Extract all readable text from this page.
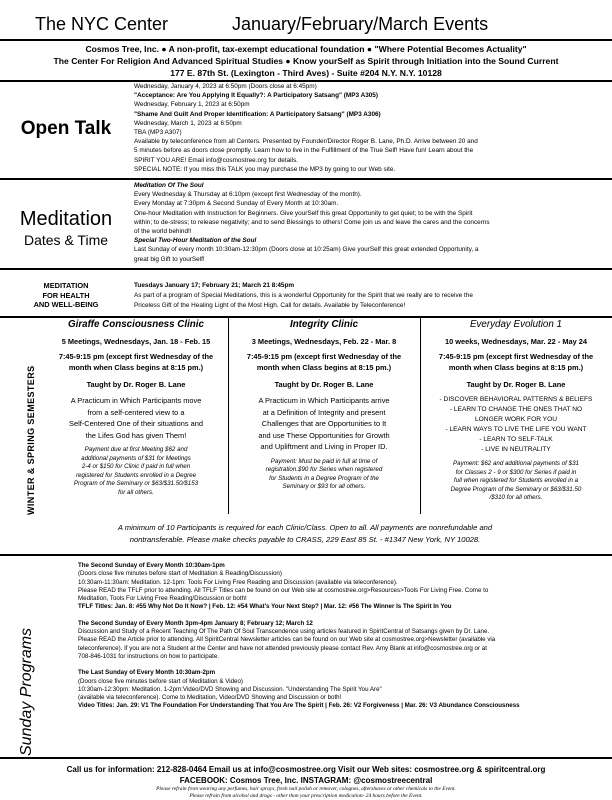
The NYC Center	January/February/March Events
Cosmos Tree, Inc. ● A non-profit, tax-exempt educational foundation ● "Where Potential Becomes Actuality"
The Center For Religion And Advanced Spiritual Studies ● Know yourSelf as Spirit through Initiation into the Sound Current
177 E. 87th St. (Lexington - Third Aves) - Suite #204 N.Y. N.Y. 10128
Open Talk
Wednesday, January 4, 2023 at 6:50pm (Doors close at 6:45pm)
"Acceptance: Are You Applying It Equally?: A Participatory Satsang" (MP3 A305)
Wednesday, February 1, 2023 at 6:50pm
"Shame And Guilt And Proper Identification: A Participatory Satsang" (MP3 A306)
Wednesday, March 1, 2023 at 6:50pm
TBA (MP3 A307)
Available by teleconference from all Centers. Presented by Founder/Director Roger B. Lane, Ph.D. Arrive between 20 and
5 minutes before as doors close promptly. Learn how to live in the Fulfillment of the True Self! Have fun! Learn about the
SPIRIT YOU ARE! Email info@cosmostree.org for details.
SPECIAL NOTE: If you miss this TALK you may purchase the MP3 by going to our Web site.
Meditation
Dates & Time
Meditation Of The Soul
Every Wednesday & Thursday at 6:10pm (except first Wednesday of the month).
Every Monday at 7:30pm & Second Sunday of Every Month at 10:30am.
One-hour Meditation with Instruction for Beginners. Give yourSelf this great Opportunity to get quiet; to be with the Spirit
within; to de-stress; to release negativity; and to send Blessings to others! Come join us and leave the cares and the concerns
of the world behind!!
Special Two-Hour Meditation of the Soul
Last Sunday of every month 10:30am-12:30pm (Doors close at 10:25am) Give yourSelf this great extended Opportunity, a
great big Gift to yourSelf!
MEDITATION
FOR HEALTH
AND WELL-BEING
Tuesdays January 17; February 21; March 21 8:45pm
As part of a program of Special Meditations, this is a wonderful Opportunity for the Spirit that we really are to receive the
Priceless Gift of the Healing Light of the Most High. Call for details. Available by Teleconference!
WINTER & SPRING SEMESTERS
Giraffe Consciousness Clinic
5 Meetings, Wednesdays, Jan. 18 - Feb. 15
7:45-9:15 pm (except first Wednesday of the
month when Class begins at 8:15 pm.)
Taught by Dr. Roger B. Lane
A Practicum in Which Participants move
from a self-centered view to a
Self-Centered One of their situations and
the Lifes God has given Them!
Payment due at first Meeting $62 and
additional payments of $31 for Meetings
2-4 or $150 for Clinic if paid in full when
registered for Students enrolled in a Degree
Program of the Seminary or $63/$31.50/$153
for all others.
Integrity Clinic
3 Meetings, Wednesdays, Feb. 22 - Mar. 8
7:45-9:15 pm (except first Wednesday of the
month when Class begins at 8:15 pm.)
Taught by Dr. Roger B. Lane
A Practicum in Which Participants arrive
at a Definition of Integrity and present
Challenges that are Opportunities to It
and use These Opportunities for Growth
and Upliftment and Living in Proper ID.
Payment: Must be paid in full at time of
registration.$90 for Series when registered
for Students in a Degree Program of the
Seminary or $93 for all others.
Everyday Evolution 1
10 weeks, Wednesdays, Mar. 22 - May 24
7:45-9:15 pm (except first Wednesday of the
month when Class begins at 8:15 pm.)
Taught by Dr. Roger B. Lane
- DISCOVER BEHAVIORAL PATTERNS & BELIEFS
- LEARN TO CHANGE THE ONES THAT NO
LONGER WORK FOR YOU
- LEARN WAYS TO LIVE THE LIFE YOU WANT
- LEARN TO SELF-TALK
- LIVE IN NEUTRALITY
Payment: $62 and additional payments of $31
for Classes 2 - 9 or $300 for Series if paid in
full when registered for Students enrolled in a
Degree Program of the Seminary or $63/$31.50
/$310 for all others.
A minimum of 10 Participants is required for each Clinic/Class. Open to all. All payments are nonrefundable and
nontransferable. Please make checks payable to CRASS, 229 East 85 St. - #1347 New York, NY 10028.
Sunday Programs
The Second Sunday of Every Month 10:30am-1pm
(Doors close five minutes before start of Meditation & Reading/Discussion)
10:30am-11:30am: Meditation. 12-1pm: Tools For Living Free Reading and Discussion (available via teleconference).
Please READ the TFLF prior to attending. All TFLF Titles can be found on our Web site at cosmostree.org>Resources>Tools For Living Free. Come to
Meditation, Tools For Living Free Reading/Discussion or both!
TFLF Titles: Jan. 8: #55 Why Not Do It Now? | Feb. 12: #54 What's Your Next Step? | Mar. 12: #56 The Winner Is The Spirit In You
The Second Sunday of Every Month 3pm-4pm January 8; February 12; March 12
Discussion and Study of a Recent Teaching Of The Path Of Soul Transcendence using articles featured in SpiritCentral of Satsangs given by Dr. Lane.
Please READ the Article prior to attending. All SpiritCentral Newsletter articles can be found on our Web site at cosmostree.org>Newsletter (available via
teleconference). If you are not a Student at the Center and have not attended previously please contact Rev. Amy Blank at info@cosmostree.org or at
708-846-1031 for instructions on how to participate.
The Last Sunday of Every Month 10:30am-2pm
(Doors close five minutes before start of Meditation & Video)
10:30am-12:30pm: Meditation. 1-2pm:Video/DVD Showing and Discussion. "Understanding The Spirit You Are"
(available via teleconference). Come to Meditation, Video/DVD Showing and Discussion or both!
Video Titles: Jan. 29: V1 The Foundation For Understanding That You Are The Spirit | Feb. 26: V2 Forgiveness | Mar. 26: V3 Abundance Consciousness
Call us for information: 212-828-0464 Email us at info@cosmostree.org Visit our Web sites: cosmostree.org & spiritcentral.org
FACEBOOK: Cosmos Tree, Inc. INSTAGRAM: @cosmostreecentral
Please refrain from wearing any perfumes, hair sprays, fresh nail polish or remover, colognes, aftershaves or other chemicals to the Event.
Please refrain from alcohol and drugs - other than your prescription medication- 24 hours before the Event.
